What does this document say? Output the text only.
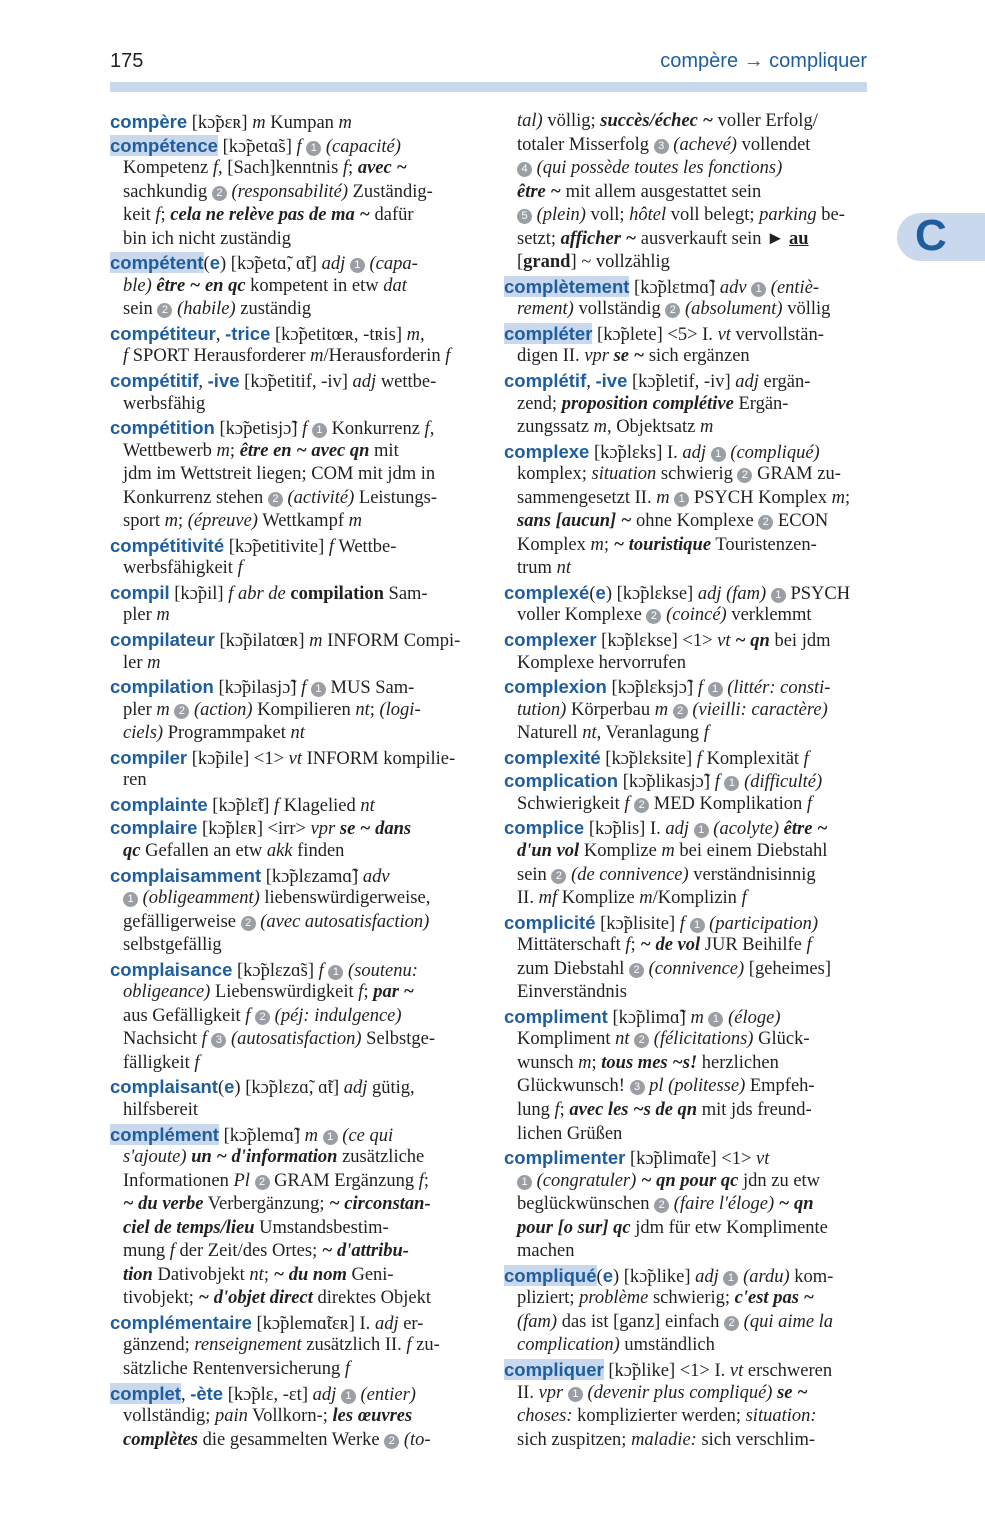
175	compère → compliquer
C
compère [kɔ̃pɛʀ] m Kumpan m
compétence [kɔ̃petɑ̃s] f 1 (capacité)
Kompetenz f, [Sach]kenntnis f; avec ~
sachkundig 2 (responsabilité) Zuständig-
keit f; cela ne relève pas de ma ~ dafür
bin ich nicht zuständig
compétent(e) [kɔ̃petɑ̃, ɑ̃t] adj 1 (capa-
ble) être ~ en qc kompetent in etw dat
sein 2 (habile) zuständig
compétiteur, -trice [kɔ̃petitœʀ, -tʀis] m,
f SPORT Herausforderer m/Herausforderin f
compétitif, -ive [kɔ̃petitif, -iv] adj wettbe-
werbsfähig
compétition [kɔ̃petisjɔ̃] f 1 Konkurrenz f,
Wettbewerb m; être en ~ avec qn mit
jdm im Wettstreit liegen; COM mit jdm in
Konkurrenz stehen 2 (activité) Leistungs-
sport m; (épreuve) Wettkampf m
compétitivité [kɔ̃petitivite] f Wettbe-
werbsfähigkeit f
compil [kɔ̃pil] f abr de compilation Sam-
pler m
compilateur [kɔ̃pilatœʀ] m INFORM Compi-
ler m
compilation [kɔ̃pilasjɔ̃] f 1 MUS Sam-
pler m 2 (action) Kompilieren nt; (logi-
ciels) Programmpaket nt
compiler [kɔ̃pile] <1> vt INFORM kompilie-
ren
complainte [kɔ̃plɛ̃t] f Klagelied nt
complaire [kɔ̃plɛʀ] <irr> vpr se ~ dans
qc Gefallen an etw akk finden
complaisamment [kɔ̃plɛzamɑ̃] adv
1 (obligeamment) liebenswürdigerweise,
gefälligerweise 2 (avec autosatisfaction)
selbstgefällig
complaisance [kɔ̃plɛzɑ̃s] f 1 (soutenu:
obligeance) Liebenswürdigkeit f; par ~
aus Gefälligkeit f 2 (péj: indulgence)
Nachsicht f 3 (autosatisfaction) Selbstge-
fälligkeit f
complaisant(e) [kɔ̃plɛzɑ̃, ɑ̃t] adj gütig,
hilfsbereit
complément [kɔ̃plemɑ̃] m 1 (ce qui
s'ajoute) un ~ d'information zusätzliche
Informationen Pl 2 GRAM Ergänzung f;
~ du verbe Verbergänzung; ~ circonstan-
ciel de temps/lieu Umstandsbestim-
mung f der Zeit/des Ortes; ~ d'attribu-
tion Dativobjekt nt; ~ du nom Geni-
tivobjekt; ~ d'objet direct direktes Objekt
complémentaire [kɔ̃plemɑ̃tɛʀ] I. adj er-
gänzend; renseignement zusätzlich II. f zu-
sätzliche Rentenversicherung f
complet, -ète [kɔ̃plɛ, -ɛt] adj 1 (entier)
vollständig; pain Vollkorn-; les œuvres
complètes die gesammelten Werke 2 (to-
tal) völlig; succès/échec ~ voller Erfolg/
totaler Misserfolg 3 (achevé) vollendet
4 (qui possède toutes les fonctions)
être ~ mit allem ausgestattet sein
5 (plein) voll; hôtel voll belegt; parking be-
setzt; afficher ~ ausverkauft sein ► au
[grand] ~ vollzählig
complètement [kɔ̃plɛtmɑ̃] adv 1 (entiè-
rement) vollständig 2 (absolument) völlig
compléter [kɔ̃plete] <5> I. vt vervollstän-
digen II. vpr se ~ sich ergänzen
complétif, -ive [kɔ̃pletif, -iv] adj ergän-
zend; proposition complétive Ergän-
zungssatz m, Objektsatz m
complexe [kɔ̃plɛks] I. adj 1 (compliqué)
komplex; situation schwierig 2 GRAM zu-
sammengesetzt II. m 1 PSYCH Komplex m;
sans [aucun] ~ ohne Komplexe 2 ECON
Komplex m; ~ touristique Touristenzen-
trum nt
complexé(e) [kɔ̃plɛkse] adj (fam) 1 PSYCH
voller Komplexe 2 (coincé) verklemmt
complexer [kɔ̃plɛkse] <1> vt ~ qn bei jdm
Komplexe hervorrufen
complexion [kɔ̃plɛksjɔ̃] f 1 (littér: consti-
tution) Körperbau m 2 (vieilli: caractère)
Naturell nt, Veranlagung f
complexité [kɔ̃plɛksite] f Komplexität f
complication [kɔ̃plikasjɔ̃] f 1 (difficulté)
Schwierigkeit f 2 MED Komplikation f
complice [kɔ̃plis] I. adj 1 (acolyte) être ~
d'un vol Komplize m bei einem Diebstahl
sein 2 (de connivence) verständnisinnig
II. mf Komplize m/Komplizin f
complicité [kɔ̃plisite] f 1 (participation)
Mittäterschaft f; ~ de vol JUR Beihilfe f
zum Diebstahl 2 (connivence) [geheimes]
Einverständnis
compliment [kɔ̃plimɑ̃] m 1 (éloge)
Kompliment nt 2 (félicitations) Glück-
wunsch m; tous mes ~s! herzlichen
Glückwunsch! 3 pl (politesse) Empfeh-
lung f; avec les ~s de qn mit jds freund-
lichen Grüßen
complimenter [kɔ̃plimɑ̃te] <1> vt
1 (congratuler) ~ qn pour qc jdn zu etw
beglückwünschen 2 (faire l'éloge) ~ qn
pour [o sur] qc jdm für etw Komplimente
machen
compliqué(e) [kɔ̃plike] adj 1 (ardu) kom-
pliziert; problème schwierig; c'est pas ~
(fam) das ist [ganz] einfach 2 (qui aime la
complication) umständlich
compliquer [kɔ̃plike] <1> I. vt erschweren
II. vpr 1 (devenir plus compliqué) se ~
choses: komplizierter werden; situation:
sich zuspitzen; maladie: sich verschlim-
